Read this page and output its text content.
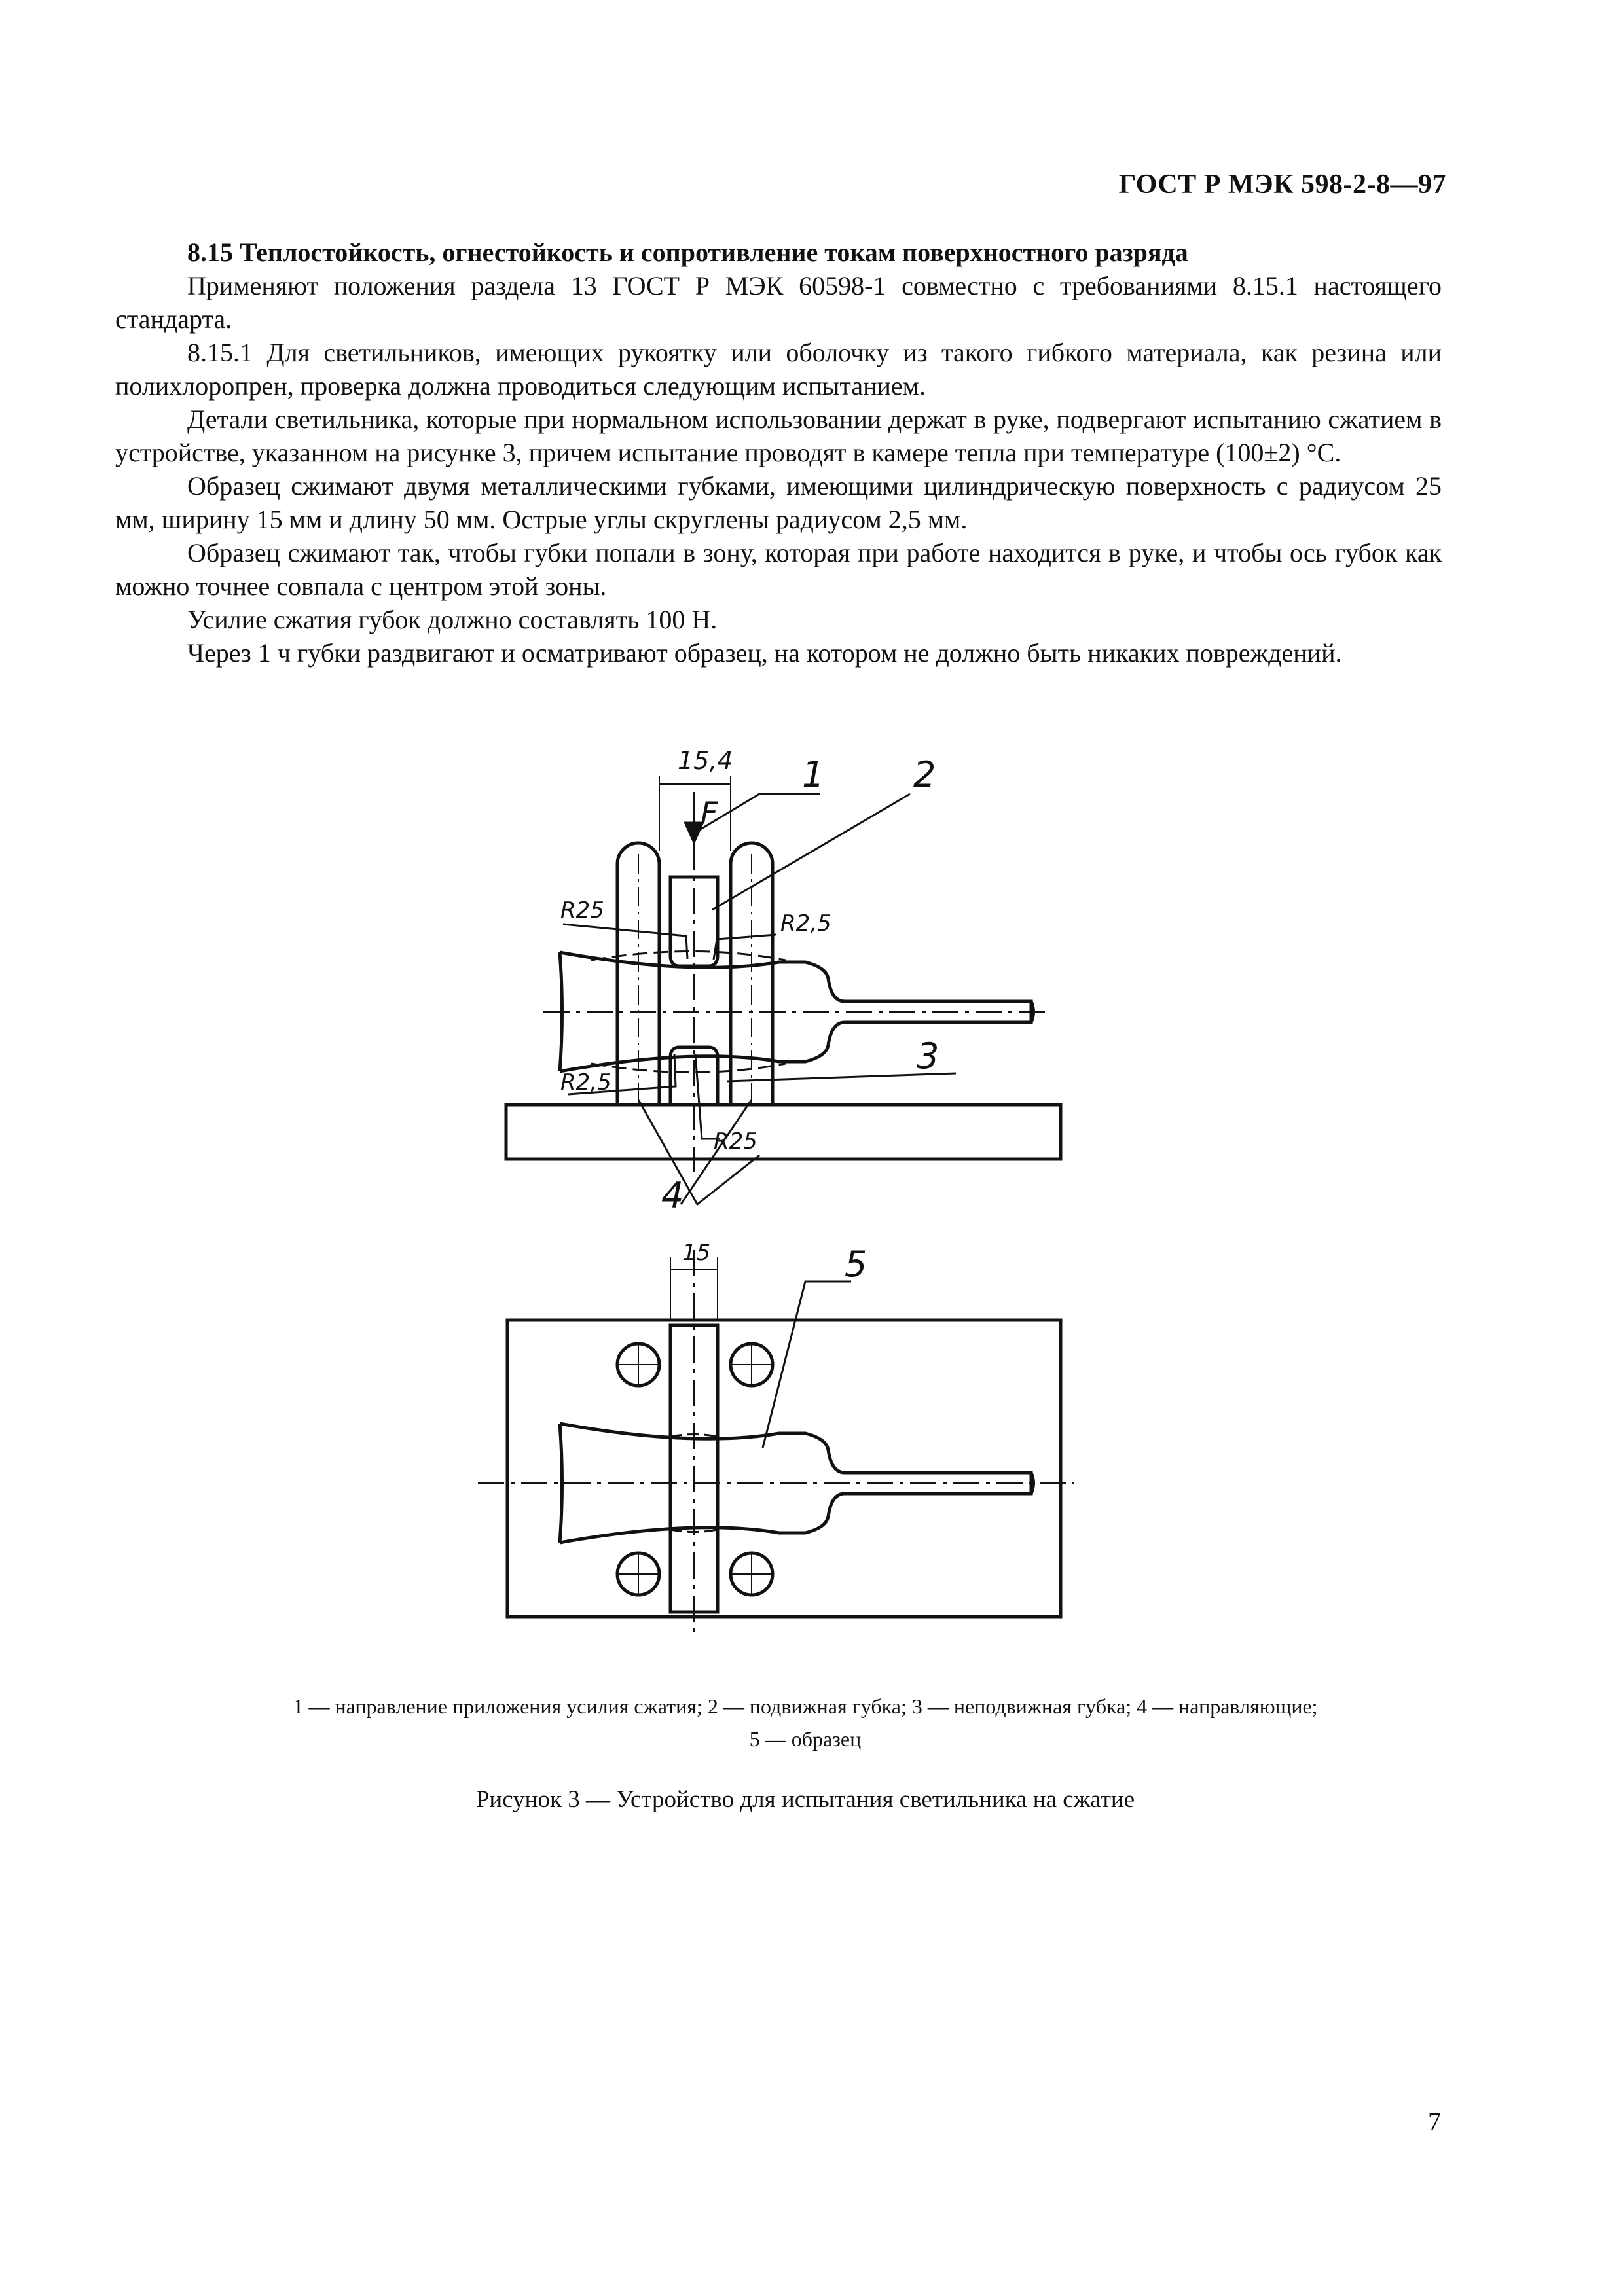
ГОСТ Р МЭК 598-2-8—97

8.15 Теплостойкость, огнестойкость и сопротивление токам поверхностного разряда

Применяют положения раздела 13 ГОСТ Р МЭК 60598-1 совместно с требованиями 8.15.1 настоящего стандарта.

8.15.1 Для светильников, имеющих рукоятку или оболочку из такого гибкого материала, как резина или полихлоропрен, проверка должна проводиться следующим испытанием.

Детали светильника, которые при нормальном использовании держат в руке, подвергают испытанию сжатием в устройстве, указанном на рисунке 3, причем испытание проводят в камере тепла при температуре (100±2) °С.

Образец сжимают двумя металлическими губками, имеющими цилиндрическую поверхность с радиусом 25 мм, ширину 15 мм и длину 50 мм. Острые углы скруглены радиусом 2,5 мм.

Образец сжимают так, чтобы губки попали в зону, которая при работе находится в руке, и чтобы ось губок как можно точнее совпала с центром этой зоны.

Усилие сжатия губок должно составлять 100 Н.

Через 1 ч губки раздвигают и осматривают образец, на котором не должно быть никаких повреждений.

15,4
F
1	2
3
4
5
R25
R25
R2,5
R2,5
15
1 — направление приложения усилия сжатия; 2 — подвижная губка; 3 — неподвижная губка; 4 — направляющие;
5 — образец
Рисунок 3 — Устройство для испытания светильника на сжатие
7
